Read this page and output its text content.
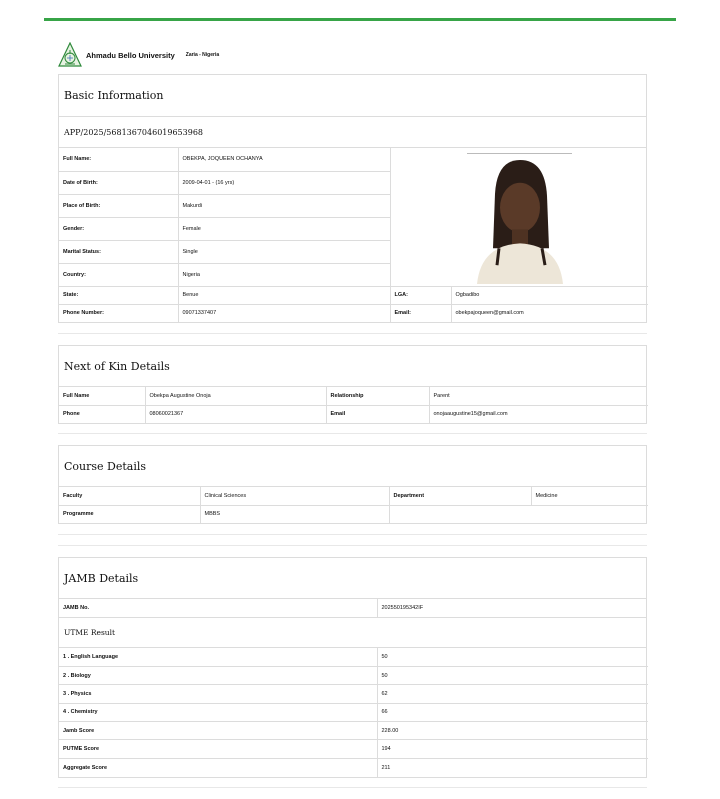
Ahmadu Bello University Zaria - Nigeria
Basic Information
APP/2025/5681367046019653968
Full Name:	OBEKPA, JOQUEEN OCHANYA	
Date of Birth:	2009-04-01 - (16 yrs)		
Place of Birth:	Makurdi		
Gender:	Female		
Marital Status:	Single		
Country:	Nigeria		
State:	Benue	LGA:	Ogbadibo
Phone Number:	09071337407	Email:	obekpajoqueen@gmail.com
Next of Kin Details
Full Name	Obekpa Augustine Onoja	Relationship	Parent
Phone	08060021367	Email	onojaaugustine15@gmail.com
Course Details
Faculty	Clinical Sciences	Department	Medicine
Programme	MBBS		
JAMB Details
JAMB No.	202550195342IF
UTME Result
1 . English Language	50
2 . Biology	50
3 . Physics	62
4 . Chemistry	66
Jamb Score	228.00
PUTME Score	194
Aggregate Score	211
